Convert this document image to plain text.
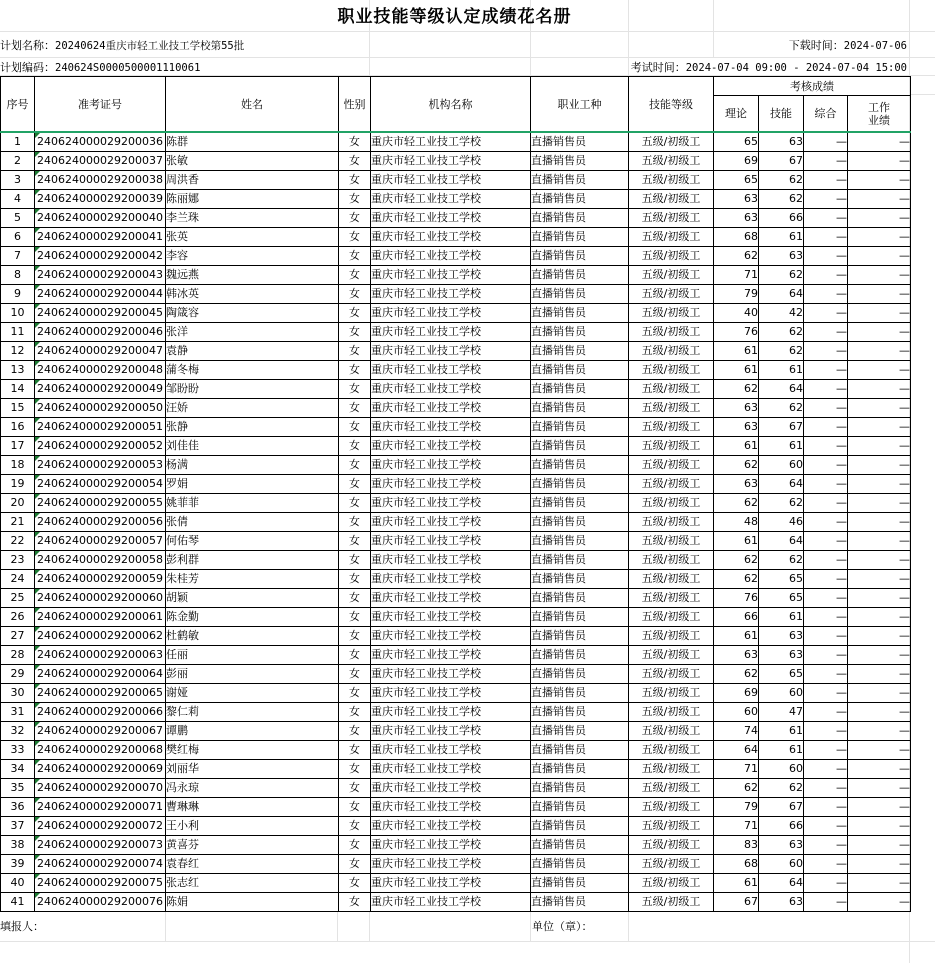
职业技能等级认定成绩花名册
计划名称：20240624重庆市轻工业技工学校第55批	下载时间：2024-07-06
计划编码：240624S0000500001110061	考试时间：2024-07-04 09:00 - 2024-07-04 15:00
序号	准考证号	姓名	性别	机构名称	职业工种	技能等级	考核成绩			
							理论	技能	综合	工作
业绩
1	240624000029200036	陈群	女	重庆市轻工业技工学校	直播销售员	五级/初级工	65	63	—	—
2	240624000029200037	张敏	女	重庆市轻工业技工学校	直播销售员	五级/初级工	69	67	—	—
3	240624000029200038	周洪香	女	重庆市轻工业技工学校	直播销售员	五级/初级工	65	62	—	—
4	240624000029200039	陈丽娜	女	重庆市轻工业技工学校	直播销售员	五级/初级工	63	62	—	—
5	240624000029200040	李兰珠	女	重庆市轻工业技工学校	直播销售员	五级/初级工	63	66	—	—
6	240624000029200041	张英	女	重庆市轻工业技工学校	直播销售员	五级/初级工	68	61	—	—
7	240624000029200042	李容	女	重庆市轻工业技工学校	直播销售员	五级/初级工	62	63	—	—
8	240624000029200043	魏远燕	女	重庆市轻工业技工学校	直播销售员	五级/初级工	71	62	—	—
9	240624000029200044	韩冰英	女	重庆市轻工业技工学校	直播销售员	五级/初级工	79	64	—	—
10	240624000029200045	陶箴容	女	重庆市轻工业技工学校	直播销售员	五级/初级工	40	42	—	—
11	240624000029200046	张洋	女	重庆市轻工业技工学校	直播销售员	五级/初级工	76	62	—	—
12	240624000029200047	袁静	女	重庆市轻工业技工学校	直播销售员	五级/初级工	61	62	—	—
13	240624000029200048	蒲冬梅	女	重庆市轻工业技工学校	直播销售员	五级/初级工	61	61	—	—
14	240624000029200049	邹盼盼	女	重庆市轻工业技工学校	直播销售员	五级/初级工	62	64	—	—
15	240624000029200050	汪娇	女	重庆市轻工业技工学校	直播销售员	五级/初级工	63	62	—	—
16	240624000029200051	张静	女	重庆市轻工业技工学校	直播销售员	五级/初级工	63	67	—	—
17	240624000029200052	刘佳佳	女	重庆市轻工业技工学校	直播销售员	五级/初级工	61	61	—	—
18	240624000029200053	杨满	女	重庆市轻工业技工学校	直播销售员	五级/初级工	62	60	—	—
19	240624000029200054	罗娟	女	重庆市轻工业技工学校	直播销售员	五级/初级工	63	64	—	—
20	240624000029200055	姚菲菲	女	重庆市轻工业技工学校	直播销售员	五级/初级工	62	62	—	—
21	240624000029200056	张倩	女	重庆市轻工业技工学校	直播销售员	五级/初级工	48	46	—	—
22	240624000029200057	何佑琴	女	重庆市轻工业技工学校	直播销售员	五级/初级工	61	64	—	—
23	240624000029200058	彭利群	女	重庆市轻工业技工学校	直播销售员	五级/初级工	62	62	—	—
24	240624000029200059	朱桂芳	女	重庆市轻工业技工学校	直播销售员	五级/初级工	62	65	—	—
25	240624000029200060	胡颖	女	重庆市轻工业技工学校	直播销售员	五级/初级工	76	65	—	—
26	240624000029200061	陈金勤	女	重庆市轻工业技工学校	直播销售员	五级/初级工	66	61	—	—
27	240624000029200062	杜鹤敏	女	重庆市轻工业技工学校	直播销售员	五级/初级工	61	63	—	—
28	240624000029200063	任丽	女	重庆市轻工业技工学校	直播销售员	五级/初级工	63	63	—	—
29	240624000029200064	彭丽	女	重庆市轻工业技工学校	直播销售员	五级/初级工	62	65	—	—
30	240624000029200065	谢娅	女	重庆市轻工业技工学校	直播销售员	五级/初级工	69	60	—	—
31	240624000029200066	黎仁莉	女	重庆市轻工业技工学校	直播销售员	五级/初级工	60	47	—	—
32	240624000029200067	谭鹏	女	重庆市轻工业技工学校	直播销售员	五级/初级工	74	61	—	—
33	240624000029200068	樊红梅	女	重庆市轻工业技工学校	直播销售员	五级/初级工	64	61	—	—
34	240624000029200069	刘丽华	女	重庆市轻工业技工学校	直播销售员	五级/初级工	71	60	—	—
35	240624000029200070	冯永琼	女	重庆市轻工业技工学校	直播销售员	五级/初级工	62	62	—	—
36	240624000029200071	曹琳琳	女	重庆市轻工业技工学校	直播销售员	五级/初级工	79	67	—	—
37	240624000029200072	王小利	女	重庆市轻工业技工学校	直播销售员	五级/初级工	71	66	—	—
38	240624000029200073	黄喜芬	女	重庆市轻工业技工学校	直播销售员	五级/初级工	83	63	—	—
39	240624000029200074	袁春红	女	重庆市轻工业技工学校	直播销售员	五级/初级工	68	60	—	—
40	240624000029200075	张志红	女	重庆市轻工业技工学校	直播销售员	五级/初级工	61	64	—	—
41	240624000029200076	陈娟	女	重庆市轻工业技工学校	直播销售员	五级/初级工	67	63	—	—
填报人：	单位（章）：
